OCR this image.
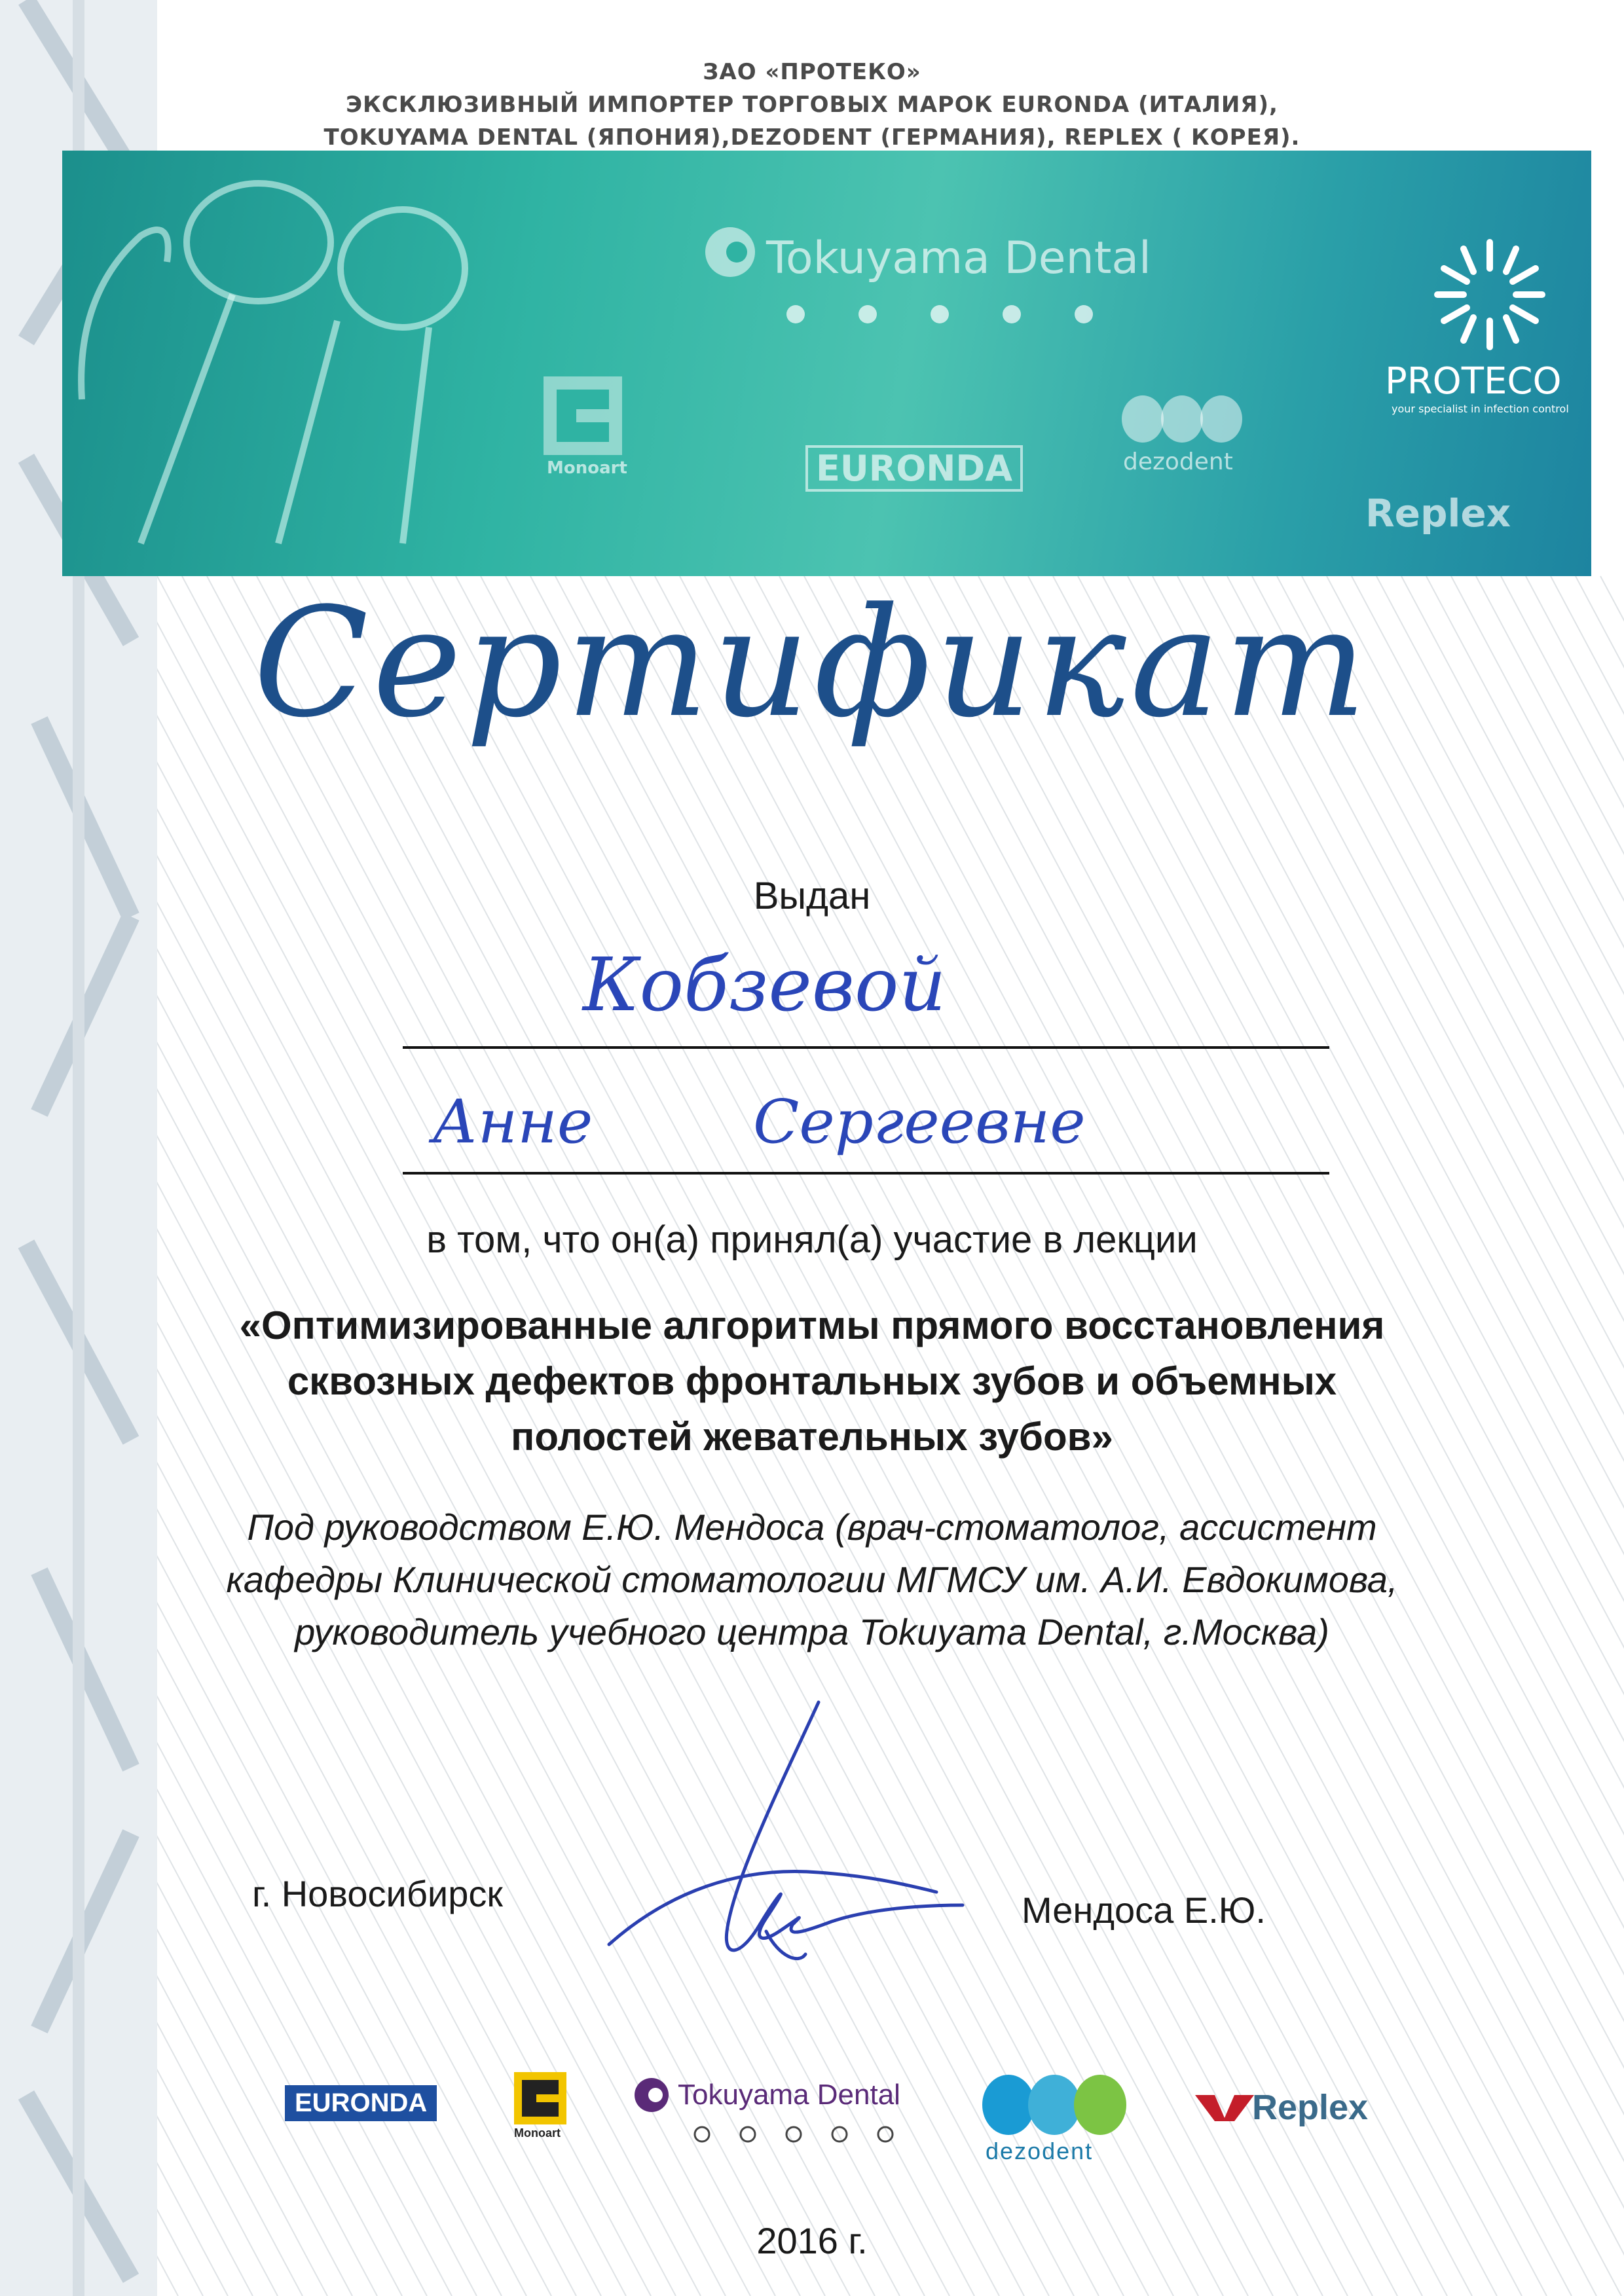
ЗАО «ПРОТЕКО»
ЭКСКЛЮЗИВНЫЙ ИМПОРТЕР ТОРГОВЫХ МАРОК EURONDA (ИТАЛИЯ),
TOKUYAMA DENTAL (ЯПОНИЯ),DEZODENT (ГЕРМАНИЯ), REPLEX ( КОРЕЯ).
Tokuyama Dental
Monoart	EURONDA	dezodent
PROTECO
your specialist in infection control
Replex
Сертификат
Выдан
Кобзевой
Анне	Сергеевне
в том, что он(а) принял(а) участие в лекции
«Оптимизированные алгоритмы прямого восстановления
сквозных дефектов фронтальных зубов и объемных
полостей жевательных зубов»
Под руководством Е.Ю. Мендоса (врач-стоматолог, ассистент
кафедры Клинической стоматологии МГМСУ им. А.И. Евдокимова,
руководитель учебного центра Tokuyama Dental, г.Москва)
г. Новосибирск	Мендоса Е.Ю.
EURONDA
Monoart
Tokuyama Dental
dezodent
Replex
2016 г.
